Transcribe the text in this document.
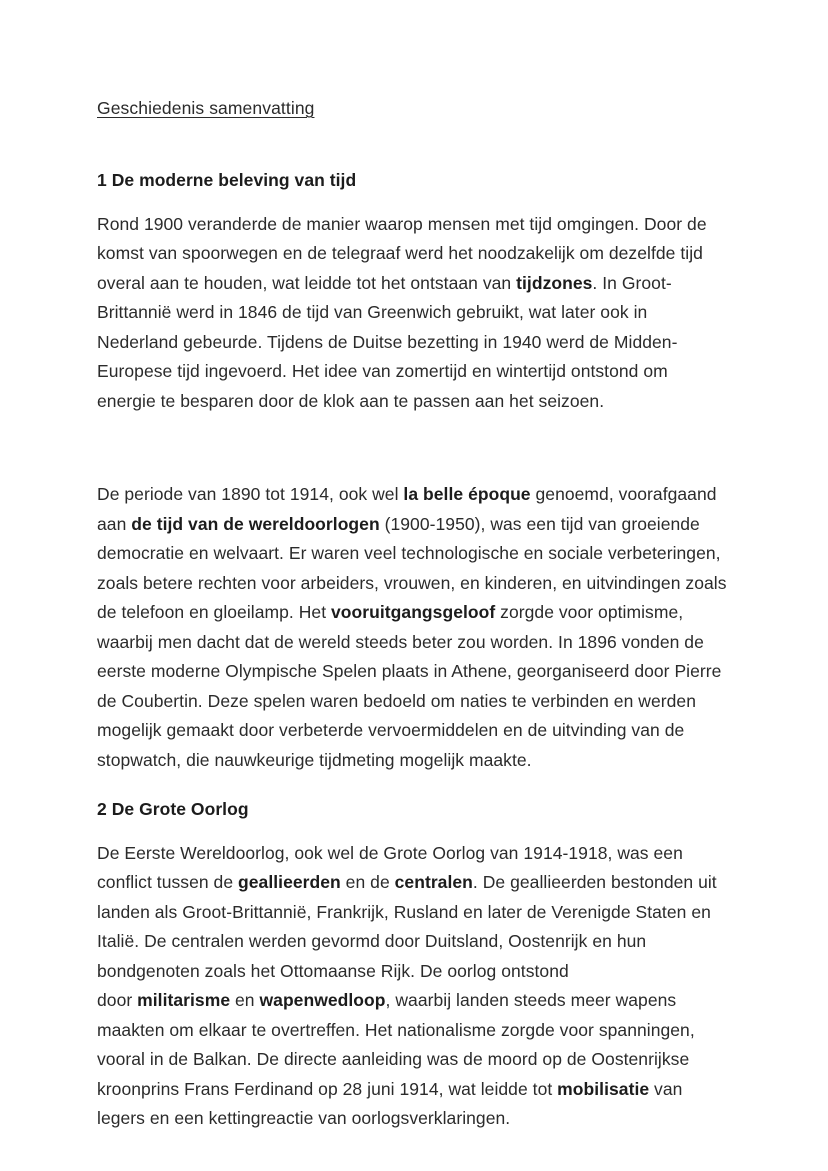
Geschiedenis samenvatting
1 De moderne beleving van tijd

Rond 1900 veranderde de manier waarop mensen met tijd omgingen. Door de komst van spoorwegen en de telegraaf werd het noodzakelijk om dezelfde tijd overal aan te houden, wat leidde tot het ontstaan van tijdzones. In Groot-Brittannië werd in 1846 de tijd van Greenwich gebruikt, wat later ook in Nederland gebeurde. Tijdens de Duitse bezetting in 1940 werd de Midden-Europese tijd ingevoerd. Het idee van zomertijd en wintertijd ontstond om energie te besparen door de klok aan te passen aan het seizoen.

De periode van 1890 tot 1914, ook wel la belle époque genoemd, voorafgaand aan de tijd van de wereldoorlogen (1900-1950), was een tijd van groeiende democratie en welvaart. Er waren veel technologische en sociale verbeteringen, zoals betere rechten voor arbeiders, vrouwen, en kinderen, en uitvindingen zoals de telefoon en gloeilamp. Het vooruitgangsgeloof zorgde voor optimisme, waarbij men dacht dat de wereld steeds beter zou worden. In 1896 vonden de eerste moderne Olympische Spelen plaats in Athene, georganiseerd door Pierre de Coubertin. Deze spelen waren bedoeld om naties te verbinden en werden mogelijk gemaakt door verbeterde vervoermiddelen en de uitvinding van de stopwatch, die nauwkeurige tijdmeting mogelijk maakte.

2 De Grote Oorlog

De Eerste Wereldoorlog, ook wel de Grote Oorlog van 1914-1918, was een conflict tussen de geallieerden en de centralen. De geallieerden bestonden uit landen als Groot-Brittannië, Frankrijk, Rusland en later de Verenigde Staten en Italië. De centralen werden gevormd door Duitsland, Oostenrijk en hun bondgenoten zoals het Ottomaanse Rijk. De oorlog ontstond
door militarisme en wapenwedloop, waarbij landen steeds meer wapens maakten om elkaar te overtreffen. Het nationalisme zorgde voor spanningen, vooral in de Balkan. De directe aanleiding was de moord op de Oostenrijkse kroonprins Frans Ferdinand op 28 juni 1914, wat leidde tot mobilisatie van legers en een kettingreactie van oorlogsverklaringen.
